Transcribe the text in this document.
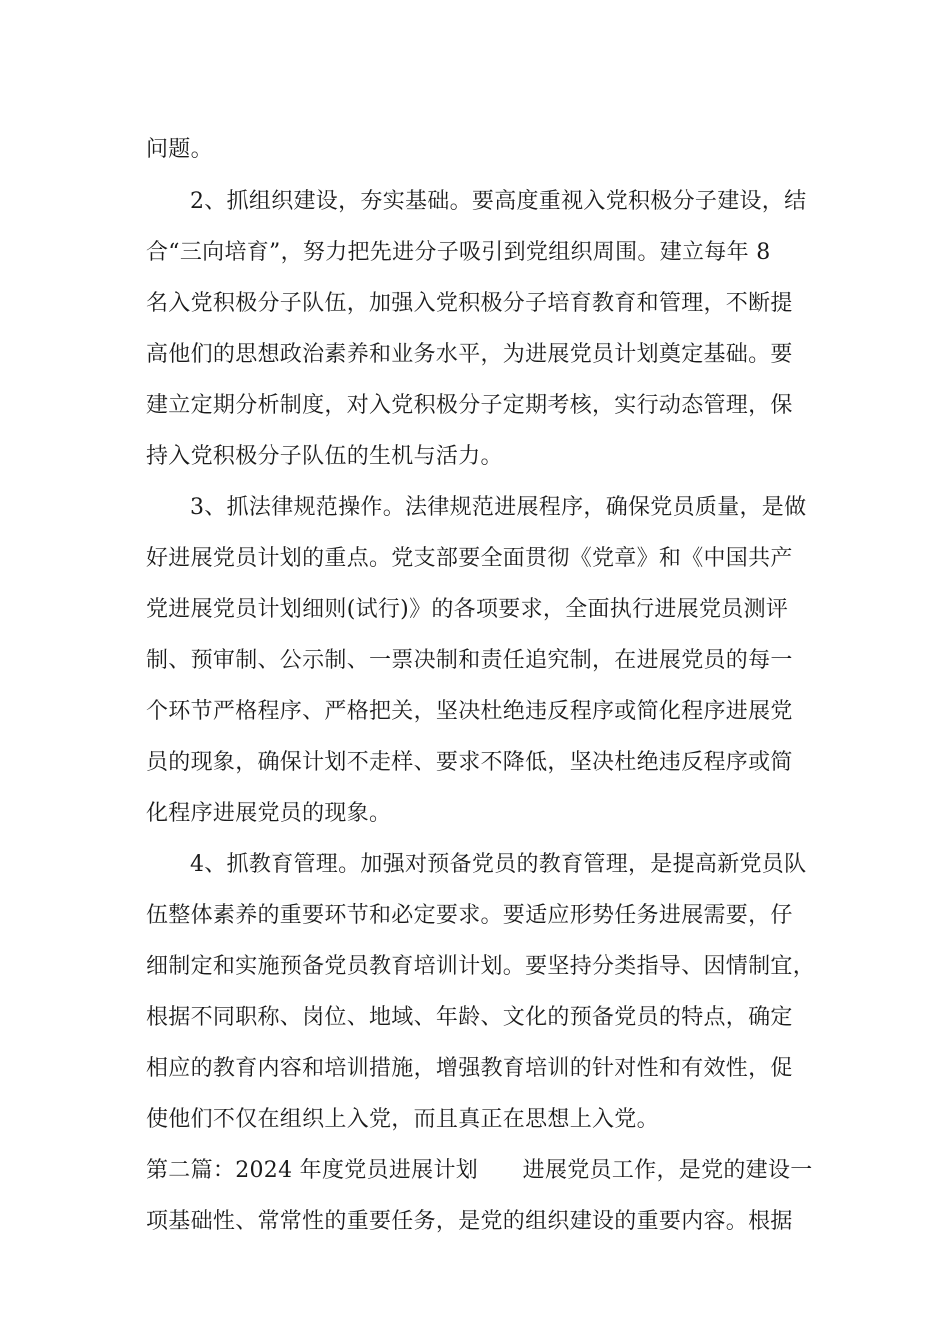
问题。
2、抓组织建设，夯实基础。要高度重视入党积极分子建设，结
合“三向培育”，努力把先进分子吸引到党组织周围。建立每年 8
名入党积极分子队伍，加强入党积极分子培育教育和管理，不断提
高他们的思想政治素养和业务水平，为进展党员计划奠定基础。要
建立定期分析制度，对入党积极分子定期考核，实行动态管理，保
持入党积极分子队伍的生机与活力。
3、抓法律规范操作。法律规范进展程序，确保党员质量，是做
好进展党员计划的重点。党支部要全面贯彻《党章》和《中国共产
党进展党员计划细则(试行)》的各项要求，全面执行进展党员测评
制、预审制、公示制、一票决制和责任追究制，在进展党员的每一
个环节严格程序、严格把关，坚决杜绝违反程序或简化程序进展党
员的现象，确保计划不走样、要求不降低，坚决杜绝违反程序或简
化程序进展党员的现象。
4、抓教育管理。加强对预备党员的教育管理，是提高新党员队
伍整体素养的重要环节和必定要求。要适应形势任务进展需要，仔
细制定和实施预备党员教育培训计划。要坚持分类指导、因情制宜，
根据不同职称、岗位、地域、年龄、文化的预备党员的特点，确定
相应的教育内容和培训措施，增强教育培训的针对性和有效性，促
使他们不仅在组织上入党，而且真正在思想上入党。
第二篇：2024 年度党员进展计划　　进展党员工作，是党的建设一
项基础性、常常性的重要任务，是党的组织建设的重要内容。根据
